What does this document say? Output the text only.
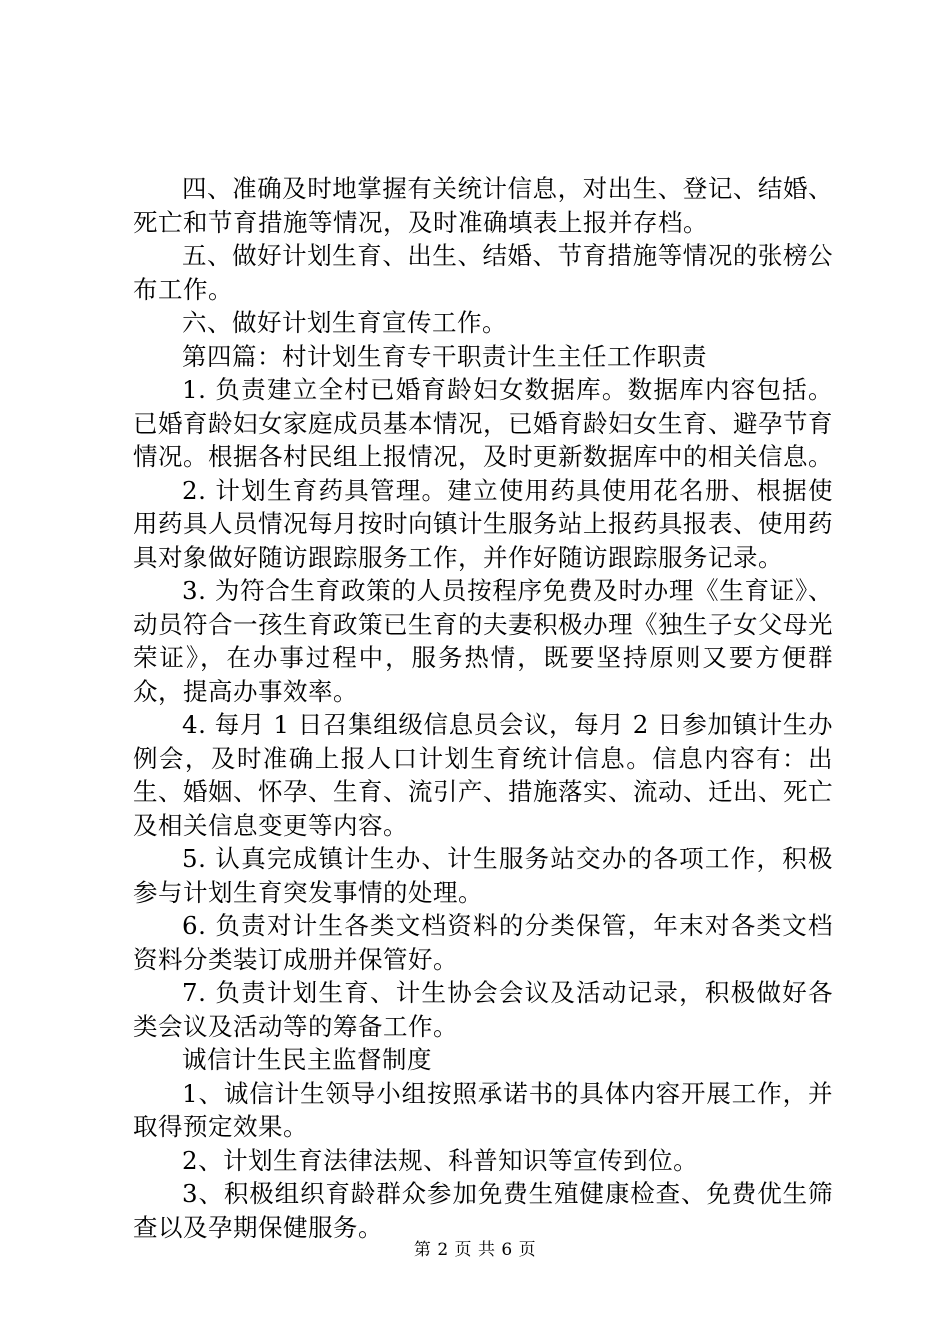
四、准确及时地掌握有关统计信息，对出生、登记、结婚、死亡和节育措施等情况，及时准确填表上报并存档。

五、做好计划生育、出生、结婚、节育措施等情况的张榜公布工作。

六、做好计划生育宣传工作。

第四篇：村计划生育专干职责计生主任工作职责

1. 负责建立全村已婚育龄妇女数据库。数据库内容包括。已婚育龄妇女家庭成员基本情况，已婚育龄妇女生育、避孕节育情况。根据各村民组上报情况，及时更新数据库中的相关信息。

2. 计划生育药具管理。建立使用药具使用花名册、根据使用药具人员情况每月按时向镇计生服务站上报药具报表、使用药具对象做好随访跟踪服务工作，并作好随访跟踪服务记录。

3. 为符合生育政策的人员按程序免费及时办理《生育证》、动员符合一孩生育政策已生育的夫妻积极办理《独生子女父母光荣证》，在办事过程中，服务热情，既要坚持原则又要方便群众，提高办事效率。

4. 每月 1 日召集组级信息员会议，每月 2 日参加镇计生办例会，及时准确上报人口计划生育统计信息。信息内容有：出生、婚姻、怀孕、生育、流引产、措施落实、流动、迁出、死亡及相关信息变更等内容。

5. 认真完成镇计生办、计生服务站交办的各项工作，积极参与计划生育突发事情的处理。

6. 负责对计生各类文档资料的分类保管，年末对各类文档资料分类装订成册并保管好。

7. 负责计划生育、计生协会会议及活动记录，积极做好各类会议及活动等的筹备工作。

诚信计生民主监督制度

1、诚信计生领导小组按照承诺书的具体内容开展工作，并取得预定效果。

2、计划生育法律法规、科普知识等宣传到位。

3、积极组织育龄群众参加免费生殖健康检查、免费优生筛查以及孕期保健服务。

第 2 页 共 6 页
